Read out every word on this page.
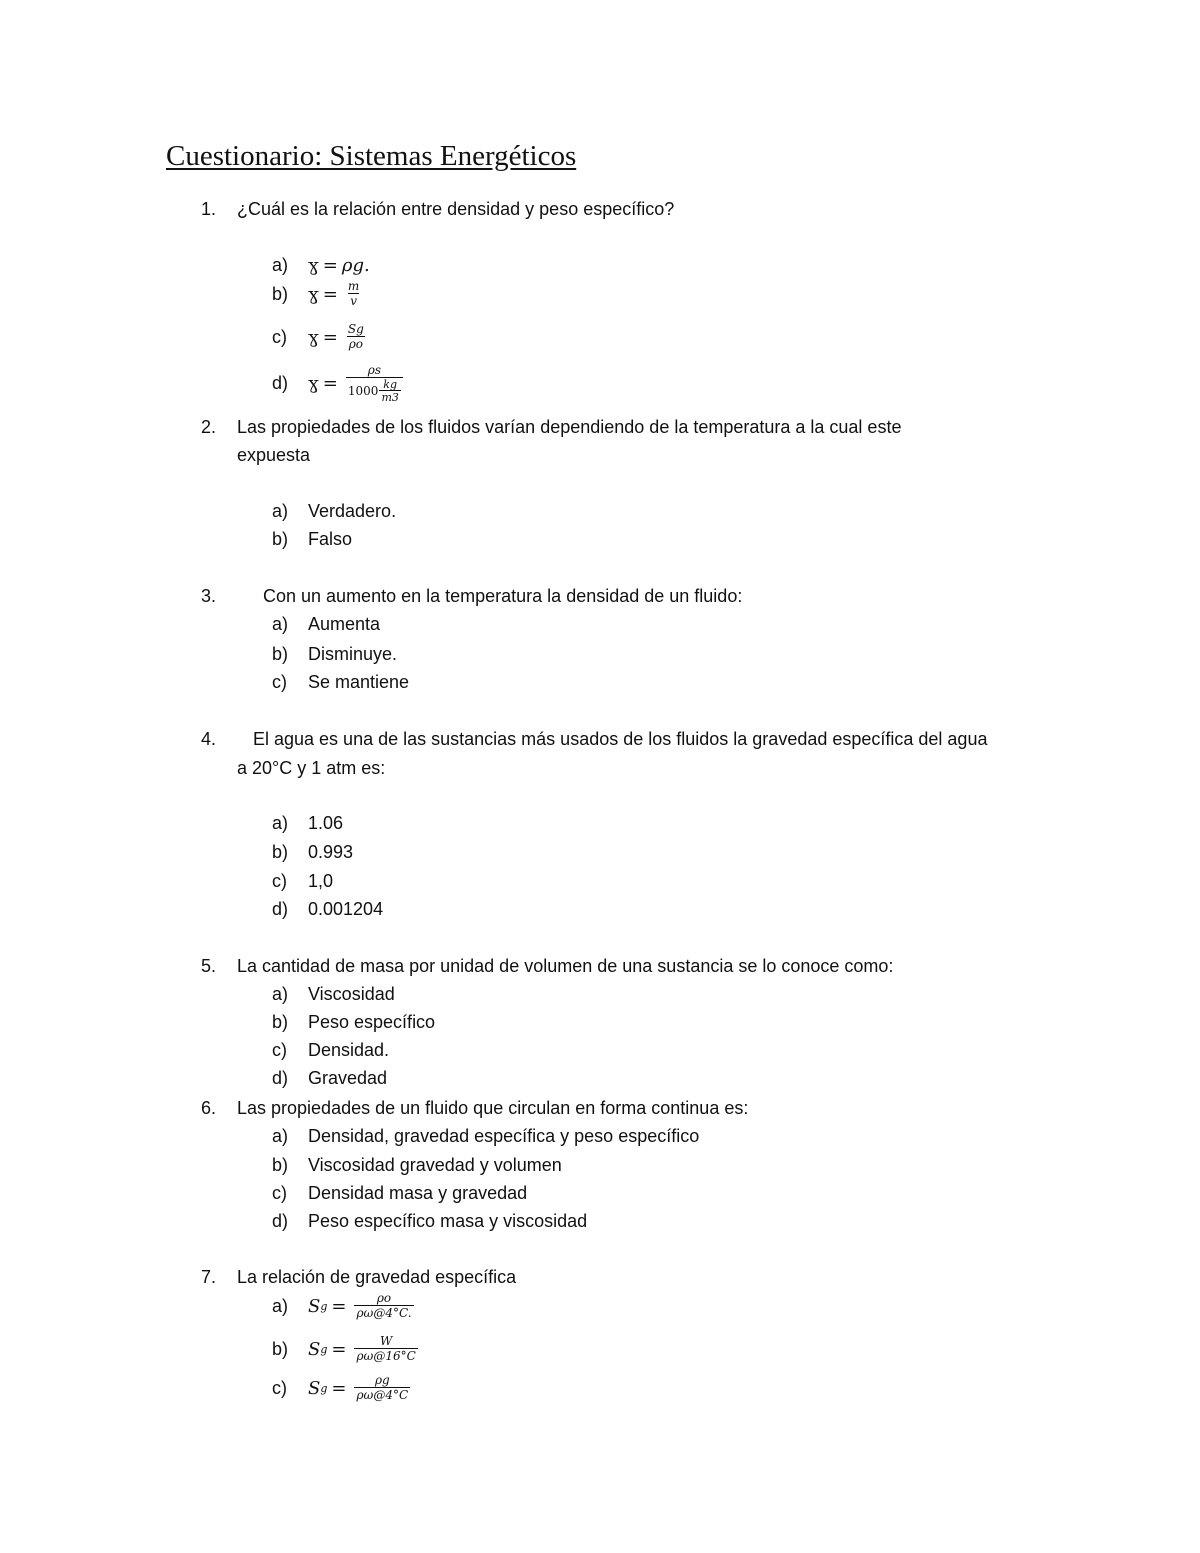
Cuestionario: Sistemas Energéticos
1. ¿Cuál es la relación entre densidad y peso específico?
a)	ɣ = ρg.
b)	ɣ = $\frac{m}{v}$
c)	ɣ = $\frac{Sg}{\rho o}$
d)	ɣ = $\frac{\rho s}{1000 \frac{kg}{m3}}$
2. Las propiedades de los fluidos varían dependiendo de la temperatura a la cual este
expuesta
a)	Verdadero.
b)	Falso
3.	Con un aumento en la temperatura la densidad de un fluido:
a)	Aumenta
b)	Disminuye.
c)	Se mantiene
4. El agua es una de las sustancias más usados de los fluidos la gravedad específica del agua
a 20°C y 1 atm es:
a)	1.06
b)	0.993
c)	1,0
d)	0.001204
5. La cantidad de masa por unidad de volumen de una sustancia se lo conoce como:
a)	Viscosidad
b)	Peso específico
c)	Densidad.
d)	Gravedad
6. Las propiedades de un fluido que circulan en forma continua es:
a)	Densidad, gravedad específica y peso específico
b)	Viscosidad gravedad y volumen
c)	Densidad masa y gravedad
d)	Peso específico masa y viscosidad
7. La relación de gravedad específica
a)	S $g = \frac{\rho o}{\rho\omega@4^\circ C.}$
b)	S $g = \frac{W}{\rho\omega@16^\circ C}$
c)	S $g = \frac{\rho g}{\rho\omega@4^\circ C}$
